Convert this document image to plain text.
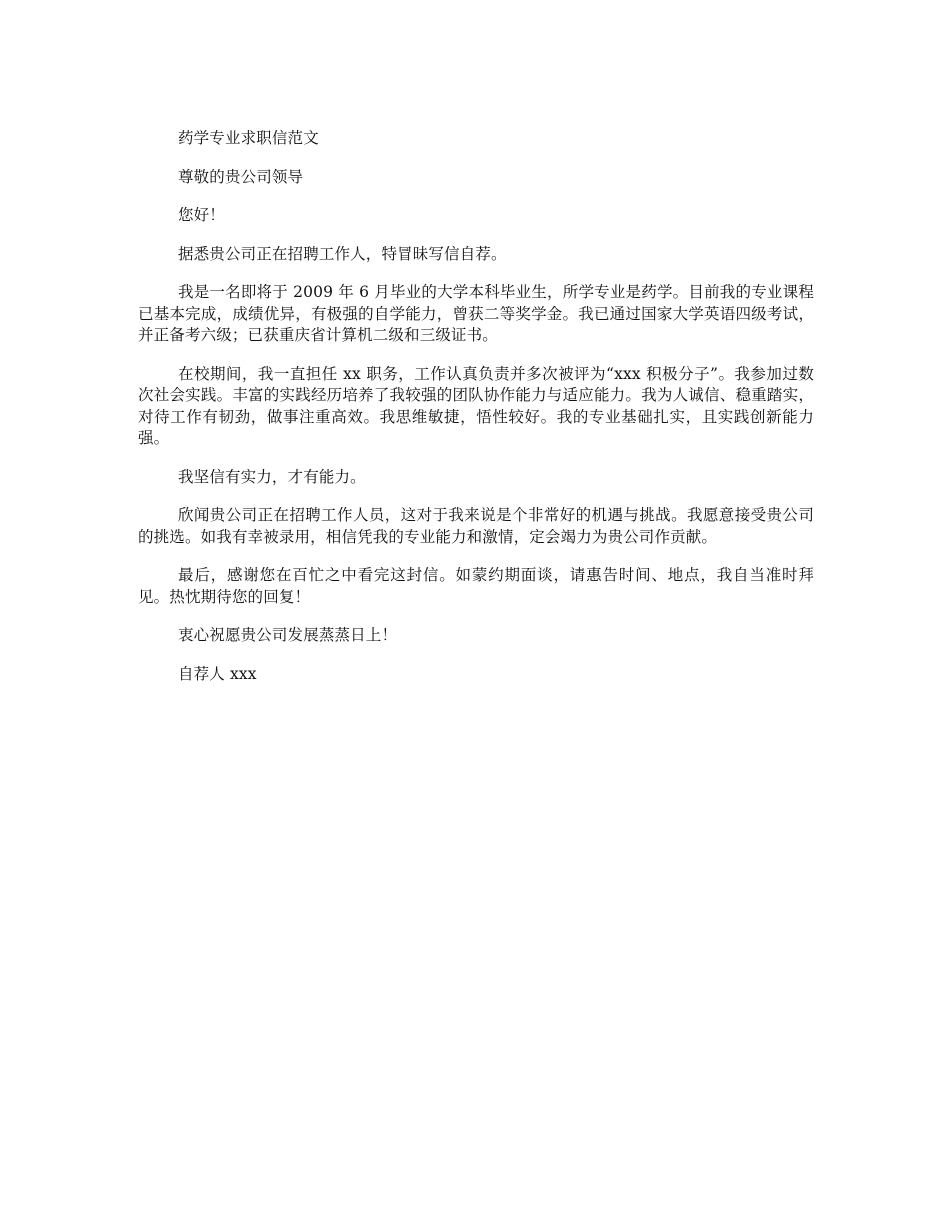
药学专业求职信范文

尊敬的贵公司领导

您好！

据悉贵公司正在招聘工作人，特冒昧写信自荐。

我是一名即将于 2009 年 6 月毕业的大学本科毕业生，所学专业是药学。目前我的专业课程已基本完成，成绩优异，有极强的自学能力，曾获二等奖学金。我已通过国家大学英语四级考试，并正备考六级；已获重庆省计算机二级和三级证书。

在校期间，我一直担任 xx 职务，工作认真负责并多次被评为“xxx 积极分子”。我参加过数次社会实践。丰富的实践经历培养了我较强的团队协作能力与适应能力。我为人诚信、稳重踏实，对待工作有韧劲，做事注重高效。我思维敏捷，悟性较好。我的专业基础扎实，且实践创新能力强。

我坚信有实力，才有能力。

欣闻贵公司正在招聘工作人员，这对于我来说是个非常好的机遇与挑战。我愿意接受贵公司的挑选。如我有幸被录用，相信凭我的专业能力和激情，定会竭力为贵公司作贡献。

最后，感谢您在百忙之中看完这封信。如蒙约期面谈，请惠告时间、地点，我自当准时拜见。热忱期待您的回复！

衷心祝愿贵公司发展蒸蒸日上！

自荐人 xxx
